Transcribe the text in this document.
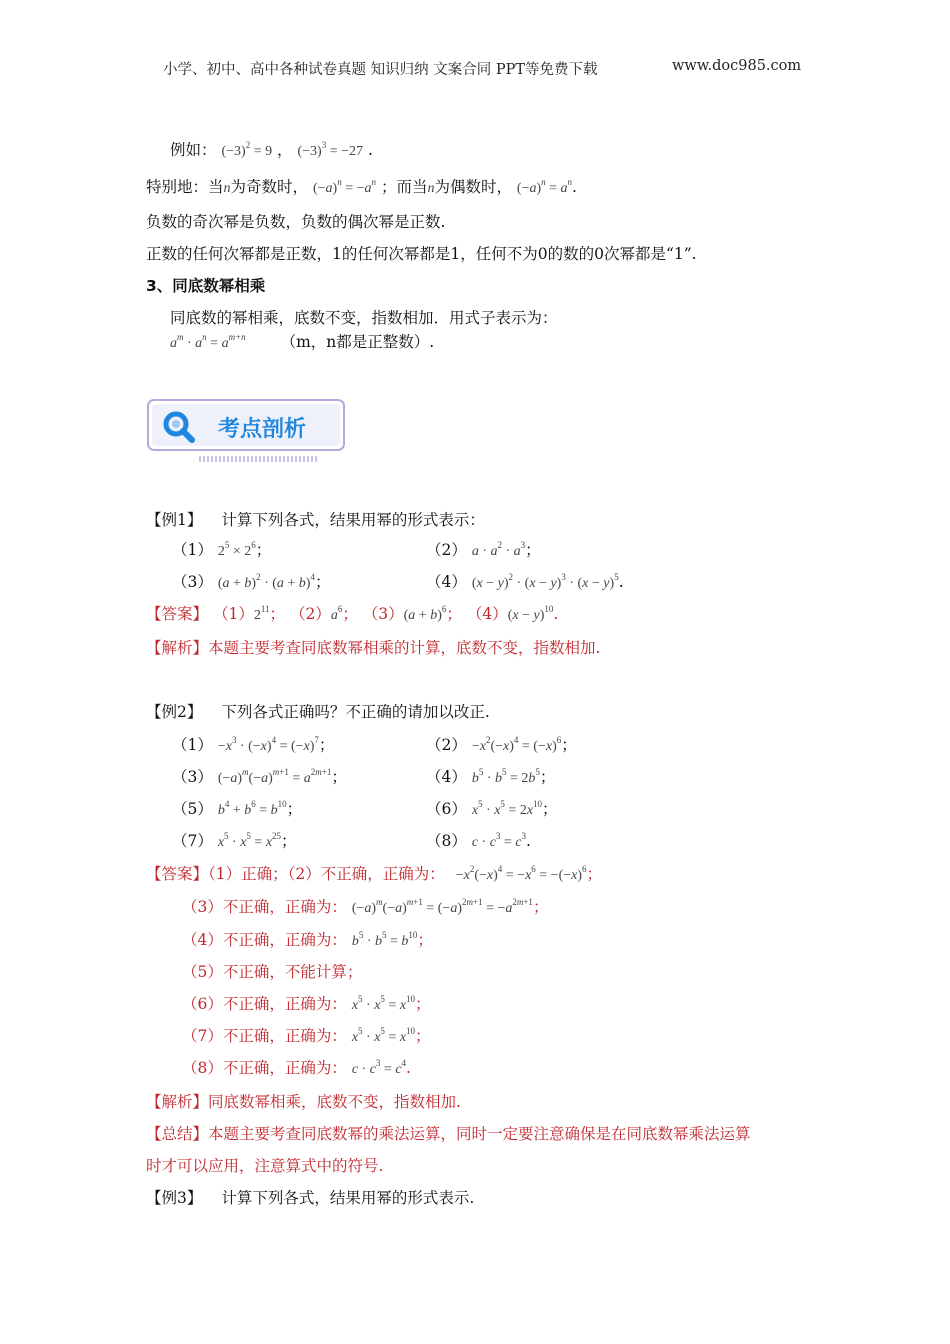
小学、初中、高中各种试卷真题 知识归纳 文案合同 PPT等免费下载	www.doc985.com
例如： $(-3)^2 = 9$ ， $(-3)^3 = -27$ .
特别地：当n为奇数时， $(-a)^n = -a^n$ ；而当n为偶数时， $(-a)^n = a^n$.
负数的奇次幂是负数，负数的偶次幂是正数.
正数的任何次幂都是正数，1的任何次幂都是1，任何不为0的数的0次幂都是“1”.
3、同底数幂相乘
同底数的幂相乘，底数不变，指数相加．用式子表示为：
$a^m \cdot a^n = a^{m+n}$ （m，n都是正整数）.
考点剖析
【例1】 计算下列各式，结果用幂的形式表示：
（1） $2^5 \times 2^6$；	（2） $a \cdot a^2 \cdot a^3$；
（3） $(a + b)^2 \cdot (a + b)^4$；	（4） $(x - y)^2 \cdot (x - y)^3 \cdot (x - y)^5$.
【答案】 $(1)2^{11}$； $(2)a^6$； $(3)(a + b)^6$； $(4)(x - y)^{10}$.
【解析】本题主要考查同底数幂相乘的计算，底数不变，指数相加.
【例2】 下列各式正确吗？不正确的请加以改正.
$(1) -x^3 \cdot (-x)^4 = (-x)^7$；	$(2) -x^2(-x)^4 = (-x)^6$；
（3） $(-a)^m(-a)^{m+1} = a^{2m+1}$；	（4） $b^5 \cdot b^5 = 2b^5$；
（5） $b^4 + b^6 = b^{10}$；	（6） $x^5 \cdot x^5 = 2x^{10}$；
（7） $x^5 \cdot x^5 = x^{25}$；	（8） $c \cdot c^3 = c^3$.
【答案】（1）正确；（2）不正确，正确为： $-x^2(-x)^4 = -x^6 = -(-x)^6$；
（3）不正确，正确为： $(-a)^m(-a)^{m+1} = (-a)^{2m+1} = -a^{2m+1}$；
（4）不正确，正确为： $b^5 \cdot b^5 = b^{10}$；
（5）不正确，不能计算；
（6）不正确，正确为： $x^5 \cdot x^5 = x^{10}$；
（7）不正确，正确为： $x^5 \cdot x^5 = x^{10}$；
（8）不正确，正确为： $c \cdot c^3 = c^4$.
【解析】同底数幂相乘，底数不变，指数相加.
【总结】本题主要考查同底数幂的乘法运算，同时一定要注意确保是在同底数幂乘法运算
时才可以应用，注意算式中的符号.
【例3】 计算下列各式，结果用幂的形式表示.
